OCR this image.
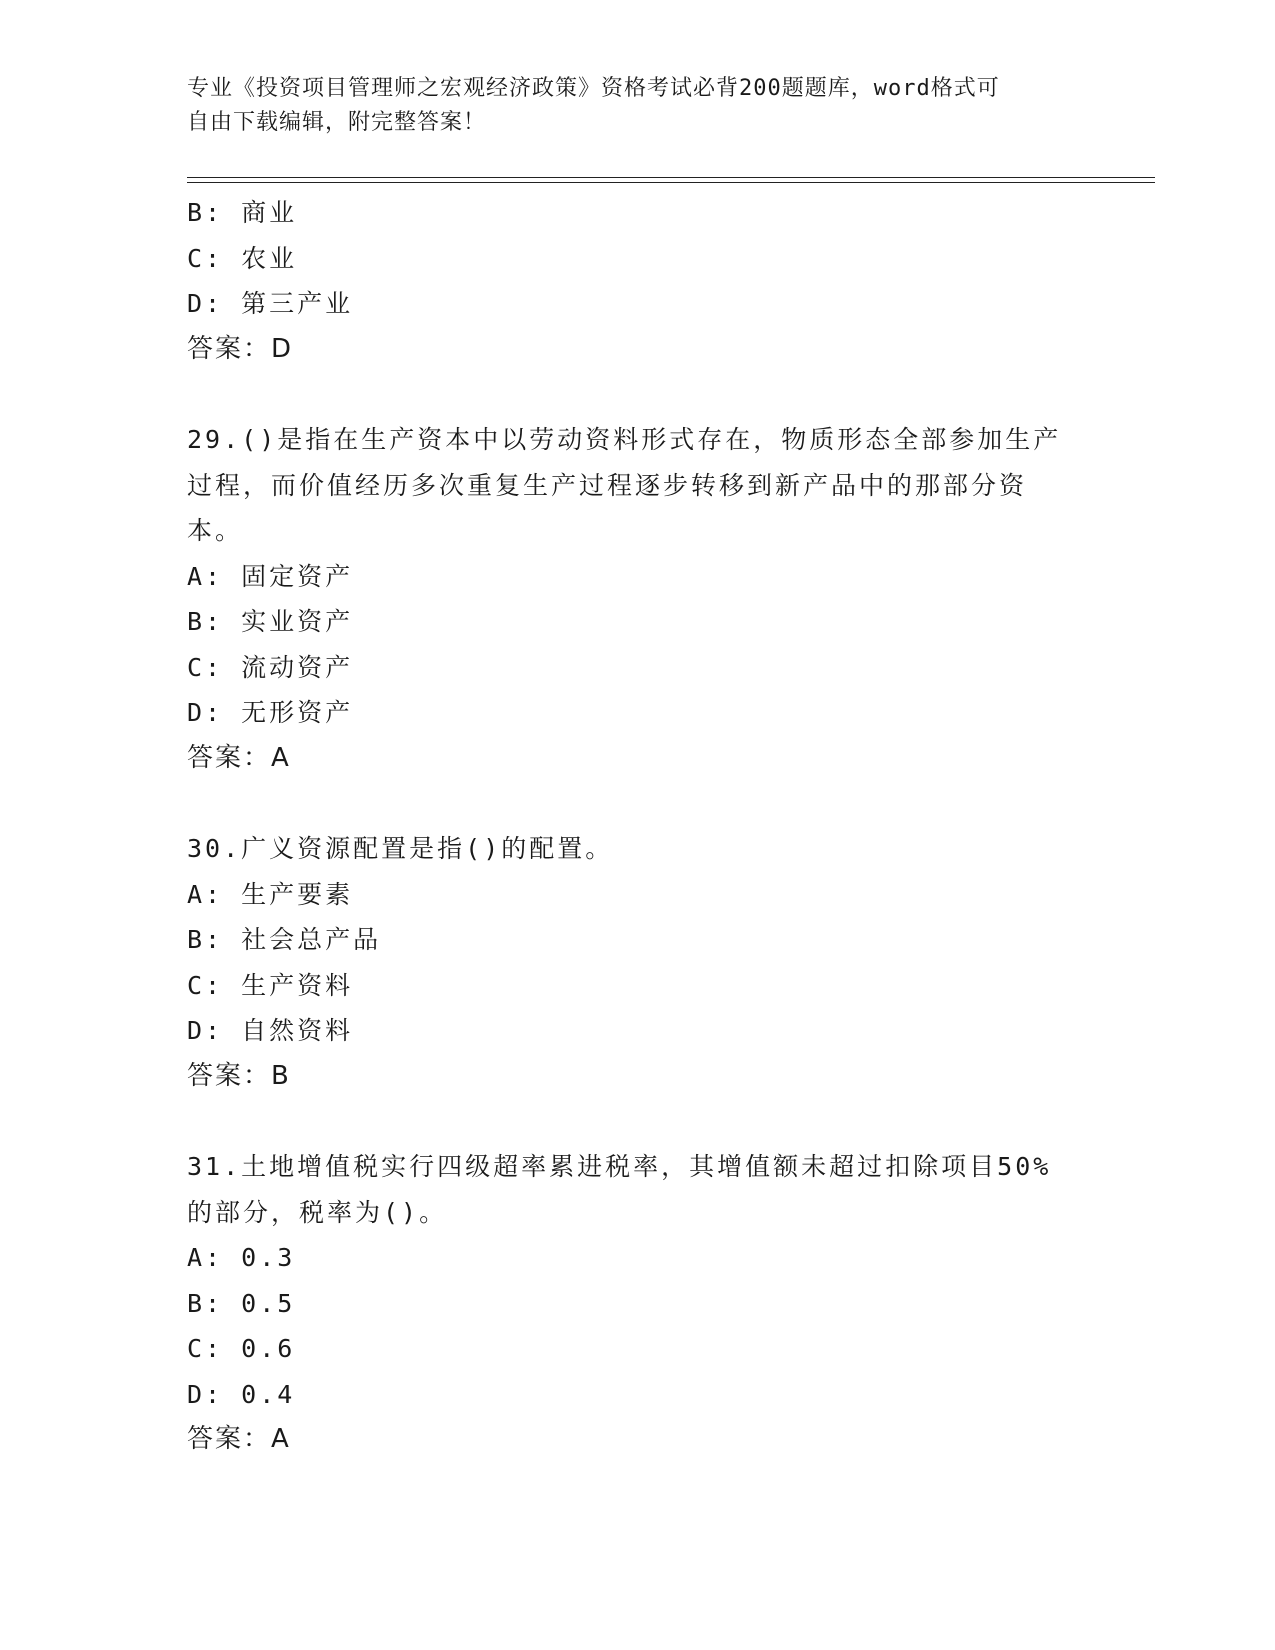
专业《投资项目管理师之宏观经济政策》资格考试必背200题题库，word格式可
自由下载编辑，附完整答案！
B: 商业
C: 农业
D: 第三产业
答案：D
29.()是指在生产资本中以劳动资料形式存在，物质形态全部参加生产过程，而价值经历多次重复生产过程逐步转移到新产品中的那部分资本。
A: 固定资产
B: 实业资产
C: 流动资产
D: 无形资产
答案：A
30.广义资源配置是指()的配置。
A: 生产要素
B: 社会总产品
C: 生产资料
D: 自然资料
答案：B
31.土地增值税实行四级超率累进税率，其增值额未超过扣除项目50%的部分，税率为()。
A: 0.3
B: 0.5
C: 0.6
D: 0.4
答案：A
